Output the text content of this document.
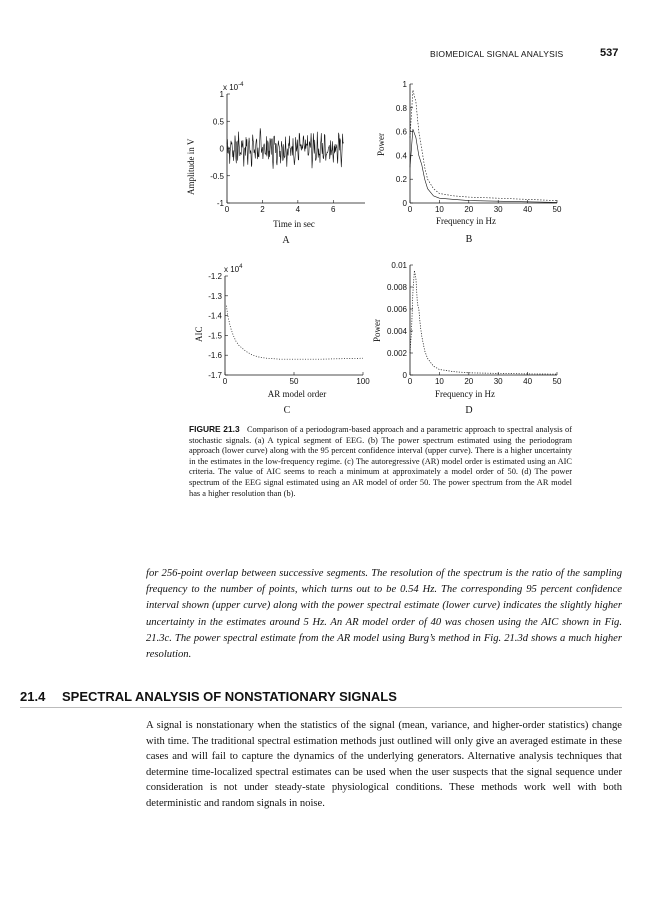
BIOMEDICAL SIGNAL ANALYSIS	537
x $10^{-4}$
1
0.5
0
-0.5
-1
0	2	4	6
Amplitude in V
Time in sec
A
1
0.8
0.6
0.4
0.2
0
0	10	20	30	40	50
Power
Frequency in Hz
B
x $10^4$
-1.2
-1.3
-1.4
-1.5
-1.6
-1.7
0	50	100
AIC
AR model order
C
0.01
0.008
0.006
0.004
0.002
0
0	10	20	30	40	50
Power
Frequency in Hz
D
FIGURE 21.3 Comparison of a periodogram-based approach and a parametric approach to spectral analysis of stochastic signals. (a) A typical segment of EEG. (b) The power spectrum estimated using the periodogram approach (lower curve) along with the 95 percent confidence interval (upper curve). There is a higher uncertainty in the estimates in the low-frequency regime. (c) The autoregressive (AR) model order is estimated using an AIC criteria. The value of AIC seems to reach a minimum at approximately a model order of 50. (d) The power spectrum of the EEG signal estimated using an AR model of order 50. The power spectrum from the AR model has a higher resolution than (b).
for 256-point overlap between successive segments. The resolution of the spectrum is the ratio of the sampling frequency to the number of points, which turns out to be 0.54 Hz. The corresponding 95 percent confidence interval shown (upper curve) along with the power spectral estimate (lower curve) indicates the slightly higher uncertainty in the estimates around 5 Hz. An AR model order of 40 was chosen using the AIC shown in Fig. 21.3c. The power spectral estimate from the AR model using Burg’s method in Fig. 21.3d shows a much higher resolution.
21.4 SPECTRAL ANALYSIS OF NONSTATIONARY SIGNALS
A signal is nonstationary when the statistics of the signal (mean, variance, and higher-order statistics) change with time. The traditional spectral estimation methods just outlined will only give an averaged estimate in these cases and will fail to capture the dynamics of the underlying generators. Alternative analysis techniques that determine time-localized spectral estimates can be used when the user suspects that the signal sequence under consideration is not under steady-state physiological conditions. These methods work well with both deterministic and random signals in noise.
